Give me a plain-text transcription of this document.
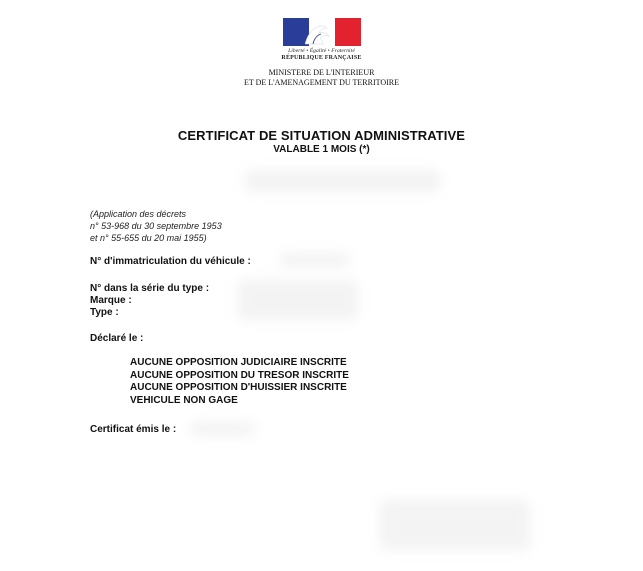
Liberté • Égalité • Fraternité
RÉPUBLIQUE FRANÇAISE
MINISTERE DE L'INTERIEUR
ET DE L'AMENAGEMENT DU TERRITOIRE
CERTIFICAT DE SITUATION ADMINISTRATIVE
VALABLE 1 MOIS (*)
(Application des décrets
n° 53-968 du 30 septembre 1953
et n° 55-655 du 20 mai 1955)
N° d'immatriculation du véhicule :
N° dans la série du type :
Marque :
Type :
Déclaré le :
AUCUNE OPPOSITION JUDICIAIRE INSCRITE
AUCUNE OPPOSITION DU TRESOR INSCRITE
AUCUNE OPPOSITION D'HUISSIER INSCRITE
VEHICULE NON GAGE
Certificat émis le :
